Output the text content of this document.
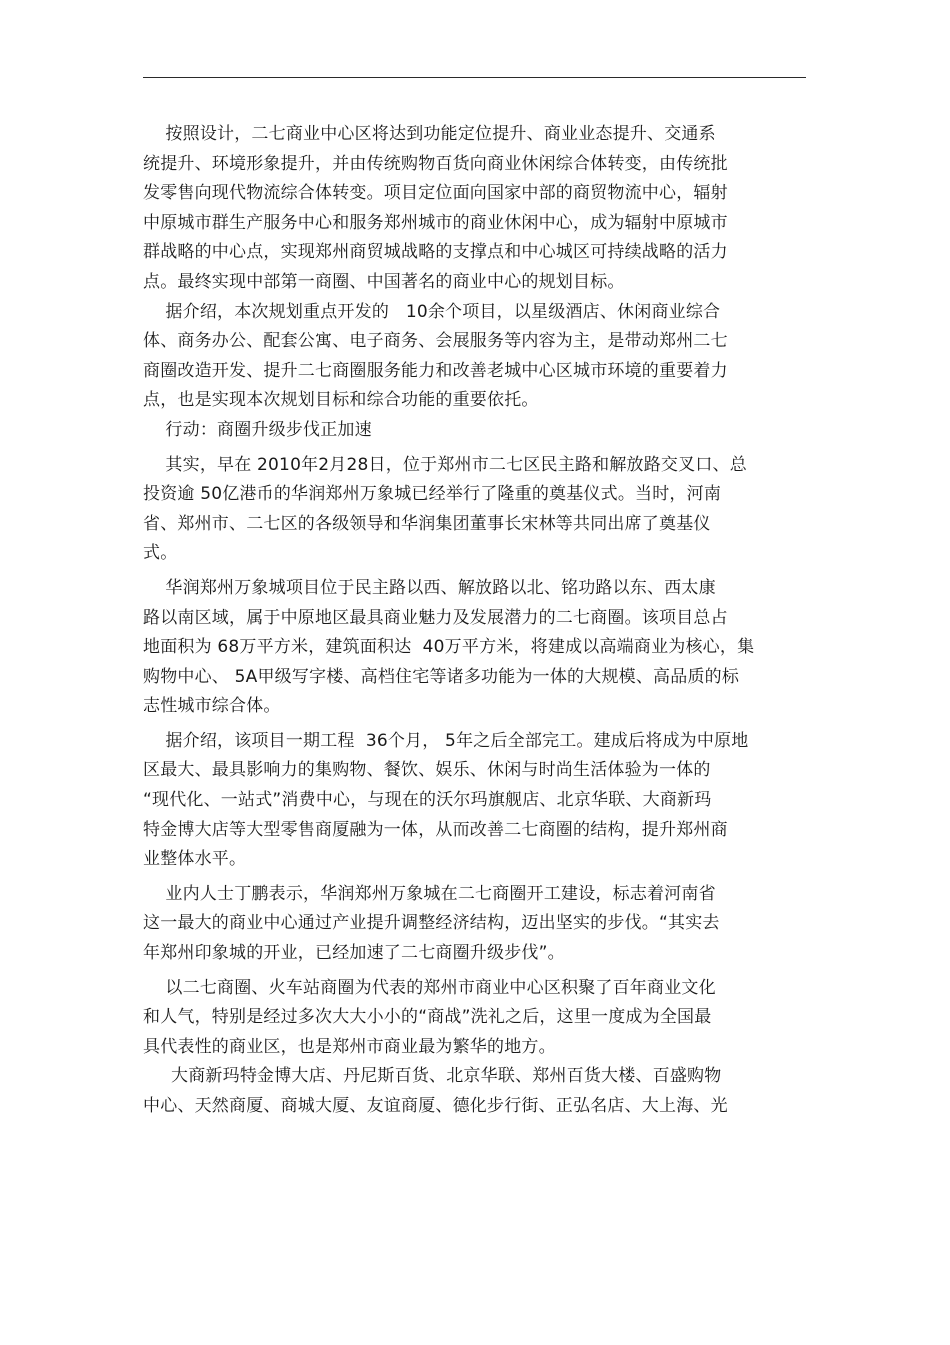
按照设计，二七商业中心区将达到功能定位提升、商业业态提升、交通系
统提升、环境形象提升，并由传统购物百货向商业休闲综合体转变，由传统批
发零售向现代物流综合体转变。项目定位面向国家中部的商贸物流中心，辐射
中原城市群生产服务中心和服务郑州城市的商业休闲中心，成为辐射中原城市
群战略的中心点，实现郑州商贸城战略的支撑点和中心城区可持续战略的活力
点。最终实现中部第一商圈、中国著名的商业中心的规划目标。
据介绍，本次规划重点开发的   10余个项目，以星级酒店、休闲商业综合
体、商务办公、配套公寓、电子商务、会展服务等内容为主，是带动郑州二七
商圈改造开发、提升二七商圈服务能力和改善老城中心区城市环境的重要着力
点，也是实现本次规划目标和综合功能的重要依托。
行动：商圈升级步伐正加速
其实，早在 2010年2月28日，位于郑州市二七区民主路和解放路交叉口、总
投资逾 50亿港币的华润郑州万象城已经举行了隆重的奠基仪式。当时，河南
省、郑州市、二七区的各级领导和华润集团董事长宋林等共同出席了奠基仪
式。
华润郑州万象城项目位于民主路以西、解放路以北、铭功路以东、西太康
路以南区域，属于中原地区最具商业魅力及发展潜力的二七商圈。该项目总占
地面积为 68万平方米，建筑面积达  40万平方米，将建成以高端商业为核心，集
购物中心、 5A甲级写字楼、高档住宅等诸多功能为一体的大规模、高品质的标
志性城市综合体。
据介绍，该项目一期工程  36个月， 5年之后全部完工。建成后将成为中原地
区最大、最具影响力的集购物、餐饮、娱乐、休闲与时尚生活体验为一体的
“现代化、一站式”消费中心，与现在的沃尔玛旗舰店、北京华联、大商新玛
特金博大店等大型零售商厦融为一体，从而改善二七商圈的结构，提升郑州商
业整体水平。
业内人士丁鹏表示，华润郑州万象城在二七商圈开工建设，标志着河南省
这一最大的商业中心通过产业提升调整经济结构，迈出坚实的步伐。“其实去
年郑州印象城的开业，已经加速了二七商圈升级步伐”。
以二七商圈、火车站商圈为代表的郑州市商业中心区积聚了百年商业文化
和人气，特别是经过多次大大小小的“商战”洗礼之后，这里一度成为全国最
具代表性的商业区，也是郑州市商业最为繁华的地方。
大商新玛特金博大店、丹尼斯百货、北京华联、郑州百货大楼、百盛购物
中心、天然商厦、商城大厦、友谊商厦、德化步行街、正弘名店、大上海、光
